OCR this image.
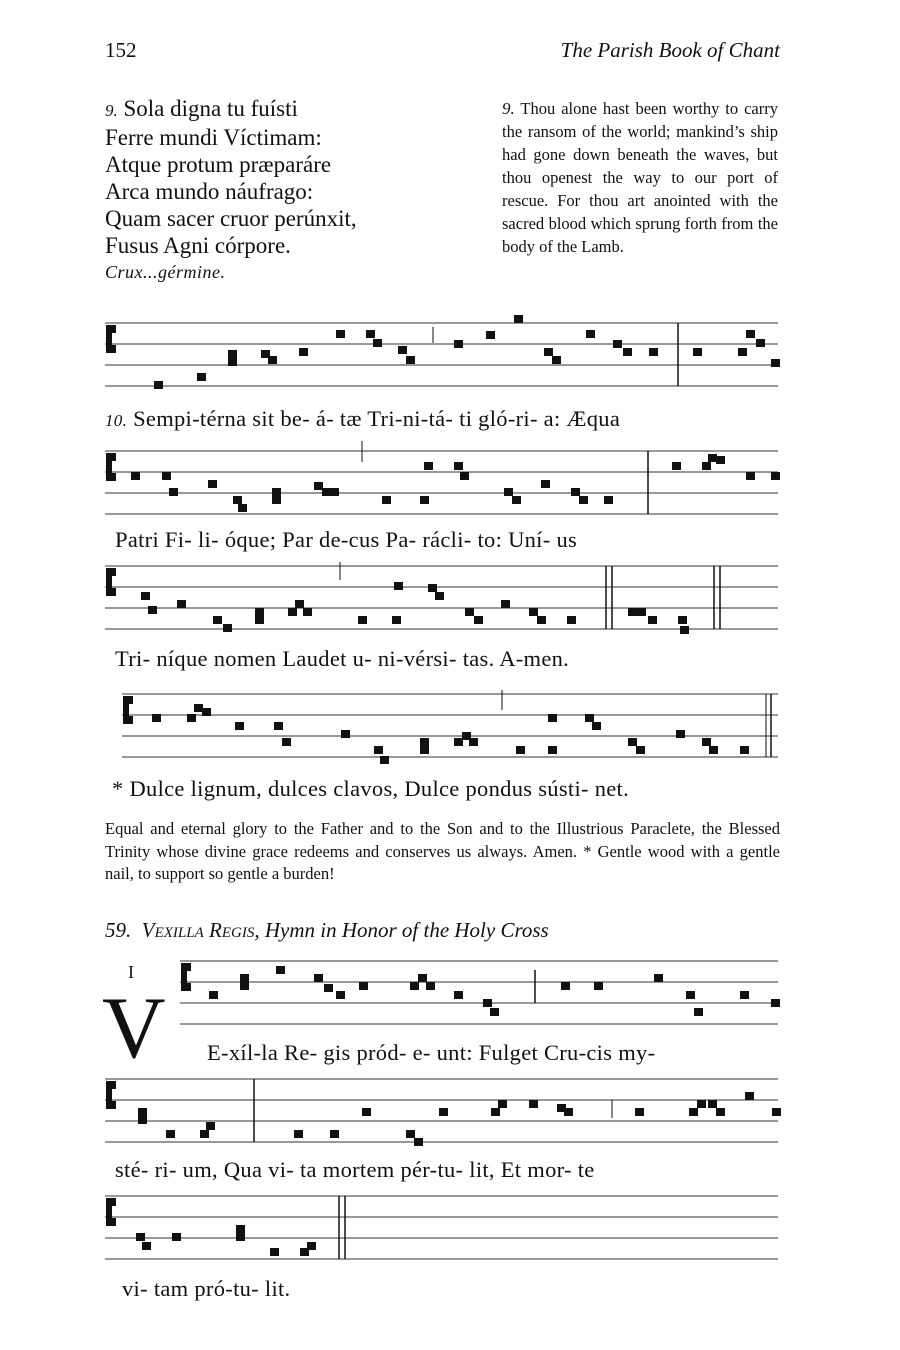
152	The Parish Book of Chant
9. Sola digna tu fuísti
Ferre mundi Víctimam:
Atque protum præparáre
Arca mundo náufrago:
Quam sacer cruor perúnxit,
Fusus Agni córpore.
Crux...gérmine.
9. Thou alone hast been worthy to carry the ransom of the world; mankind’s ship had gone down beneath the waves, but thou openest the way to our port of rescue. For thou art anointed with the sacred blood which sprung forth from the body of the Lamb.
10. Sempi-térna sit be- á- tæ Tri-ni-tá- ti gló-ri- a: Æqua
Patri Fi- li- óque; Par de-cus Pa- rácli- to: Uní- us
Tri- níque nomen Laudet u- ni-vérsi- tas. A-men.
* Dulce lignum, dulces clavos, Dulce pondus sústi- net.
Equal and eternal glory to the Father and to the Son and to the Illustrious Paraclete, the Blessed Trinity whose divine grace redeems and conserves us always. Amen. * Gentle wood with a gentle nail, to support so gentle a burden!
59. Vexilla Regis, Hymn in Honor of the Holy Cross
I
V E-xíl-la Re- gis pród- e- unt: Fulget Cru-cis my-
sté- ri- um, Qua vi- ta mortem pér-tu- lit, Et mor- te
vi- tam pró-tu- lit.
